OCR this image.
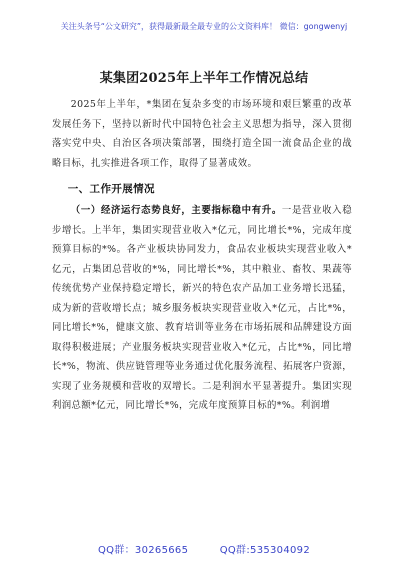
关注头条号“公文研究”，获得最新最全最专业的公文资料库！ 微信：gongwenyj
某集团2025年上半年工作情况总结

2025年上半年，*集团在复杂多变的市场环境和艰巨繁重的改革发展任务下，坚持以新时代中国特色社会主义思想为指导，深入贯彻落实党中央、自治区各项决策部署，围绕打造全国一流食品企业的战略目标，扎实推进各项工作，取得了显著成效。

一、工作开展情况

（一）经济运行态势良好，主要指标稳中有升。一是营业收入稳步增长。上半年，集团实现营业收入*亿元，同比增长*%，完成年度预算目标的*%。各产业板块协同发力，食品农业板块实现营业收入*亿元，占集团总营收的*%，同比增长*%，其中粮业、畜牧、果蔬等传统优势产业保持稳定增长，新兴的特色农产品加工业务增长迅猛，成为新的营收增长点；城乡服务板块实现营业收入*亿元，占比*%，同比增长*%，健康文旅、教育培训等业务在市场拓展和品牌建设方面取得积极进展；产业服务板块实现营业收入*亿元，占比*%，同比增长*%，物流、供应链管理等业务通过优化服务流程、拓展客户资源，实现了业务规模和营收的双增长。二是利润水平显著提升。集团实现利润总额*亿元，同比增长*%，完成年度预算目标的*%。利润增

QQ群：30265665	QQ群:535304092
